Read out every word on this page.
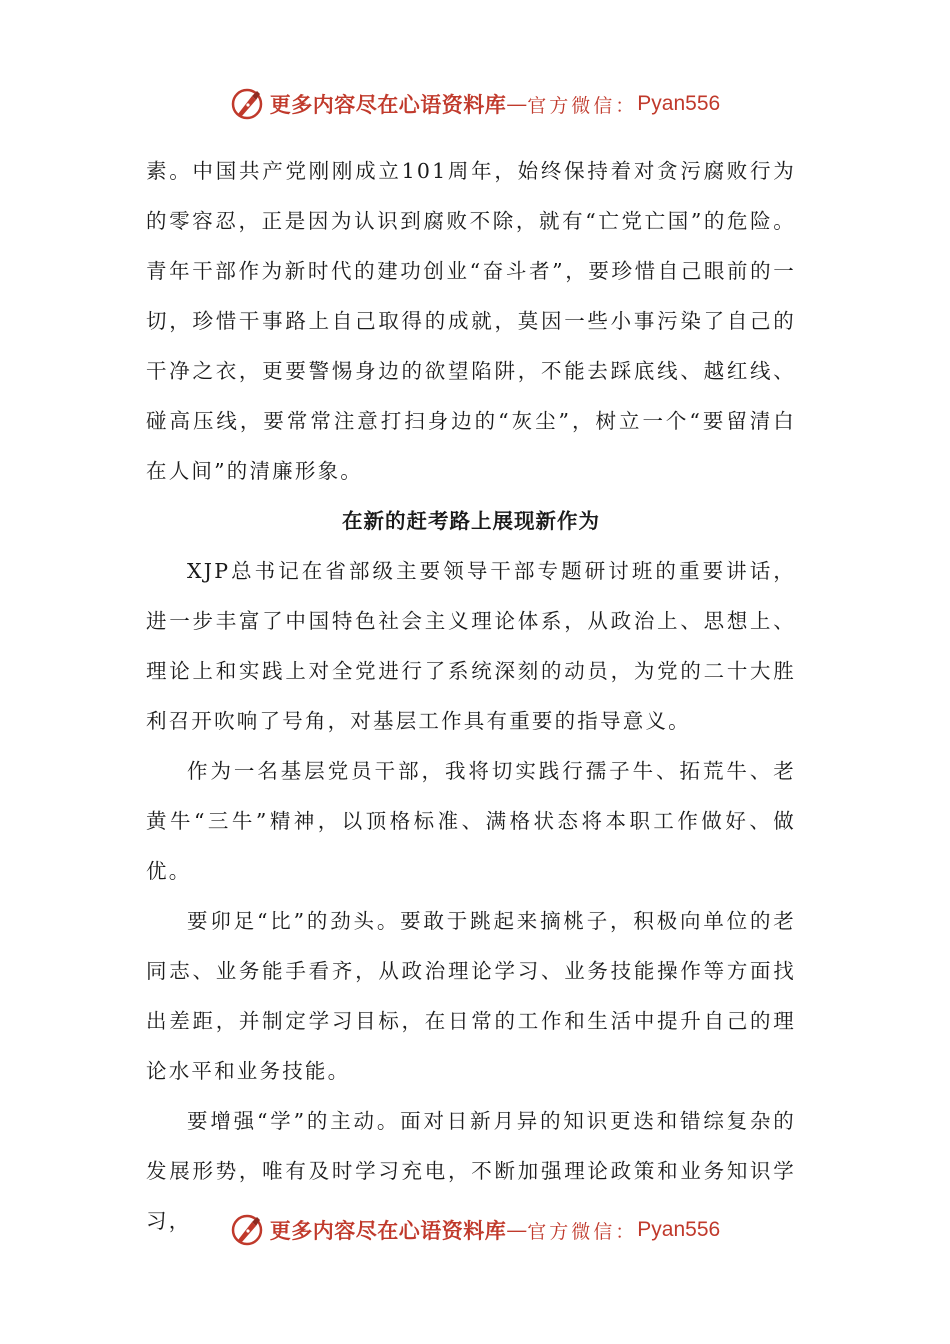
更多内容尽在心语资料库 — 官方微信： Pyan556

素。中国共产党刚刚成立101周年，始终保持着对贪污腐败行为的零容忍，正是因为认识到腐败不除，就有“亡党亡国”的危险。青年干部作为新时代的建功创业“奋斗者”，要珍惜自己眼前的一切，珍惜干事路上自己取得的成就，莫因一些小事污染了自己的干净之衣，更要警惕身边的欲望陷阱，不能去踩底线、越红线、碰高压线，要常常注意打扫身边的“灰尘”，树立一个“要留清白在人间”的清廉形象。

在新的赶考路上展现新作为

XJP总书记在省部级主要领导干部专题研讨班的重要讲话，进一步丰富了中国特色社会主义理论体系，从政治上、思想上、理论上和实践上对全党进行了系统深刻的动员，为党的二十大胜利召开吹响了号角，对基层工作具有重要的指导意义。

作为一名基层党员干部，我将切实践行孺子牛、拓荒牛、老黄牛“三牛”精神，以顶格标准、满格状态将本职工作做好、做优。

要卯足“比”的劲头。要敢于跳起来摘桃子，积极向单位的老同志、业务能手看齐，从政治理论学习、业务技能操作等方面找出差距，并制定学习目标，在日常的工作和生活中提升自己的理论水平和业务技能。

要增强“学”的主动。面对日新月异的知识更迭和错综复杂的发展形势，唯有及时学习充电，不断加强理论政策和业务知识学习，	更多内容尽在心语资料库 — 官方微信： Pyan556
